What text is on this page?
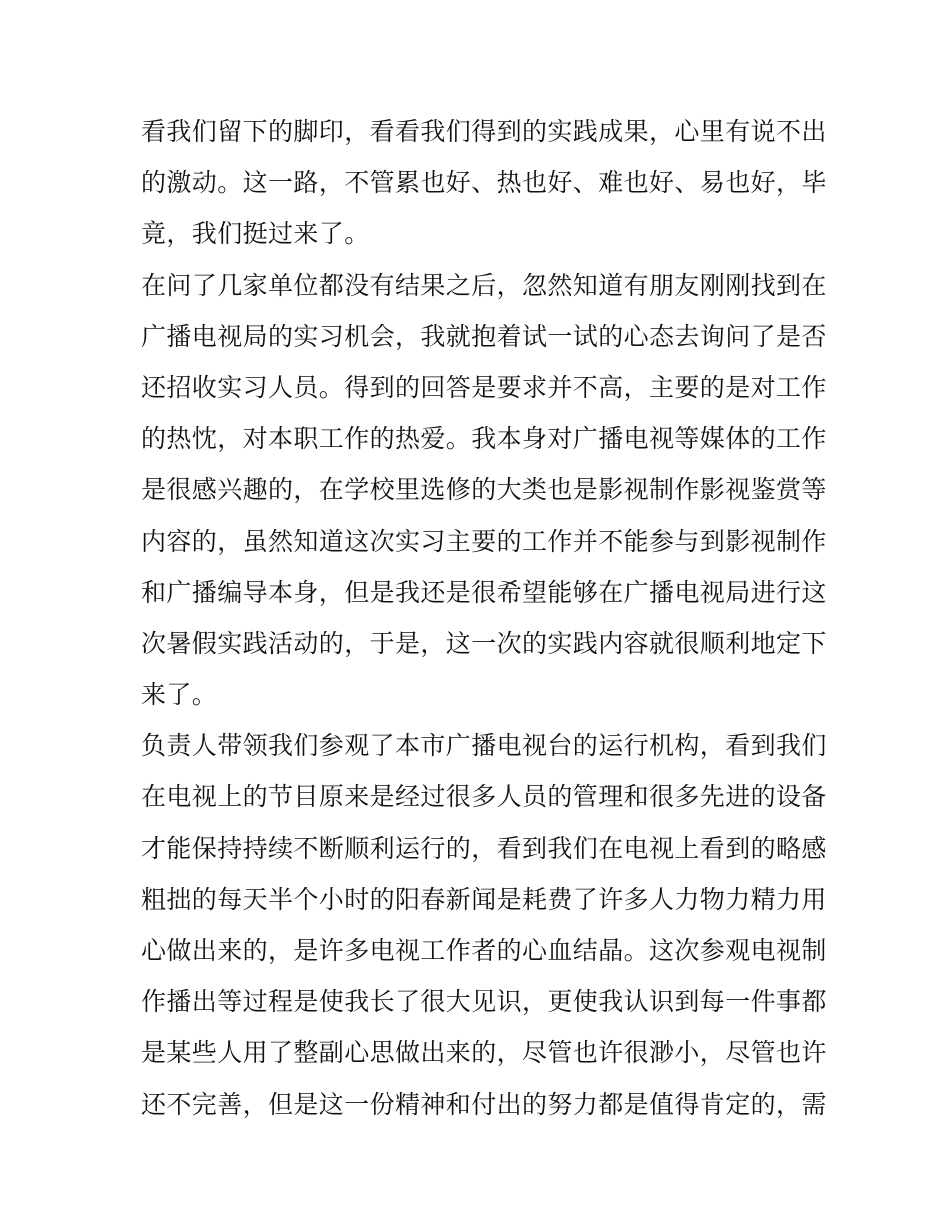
看我们留下的脚印，看看我们得到的实践成果，心里有说不出
的激动。这一路，不管累也好、热也好、难也好、易也好，毕
竟，我们挺过来了。
在问了几家单位都没有结果之后，忽然知道有朋友刚刚找到在
广播电视局的实习机会，我就抱着试一试的心态去询问了是否
还招收实习人员。得到的回答是要求并不高，主要的是对工作
的热忱，对本职工作的热爱。我本身对广播电视等媒体的工作
是很感兴趣的，在学校里选修的大类也是影视制作影视鉴赏等
内容的，虽然知道这次实习主要的工作并不能参与到影视制作
和广播编导本身，但是我还是很希望能够在广播电视局进行这
次暑假实践活动的，于是，这一次的实践内容就很顺利地定下
来了。
负责人带领我们参观了本市广播电视台的运行机构，看到我们
在电视上的节目原来是经过很多人员的管理和很多先进的设备
才能保持持续不断顺利运行的，看到我们在电视上看到的略感
粗拙的每天半个小时的阳春新闻是耗费了许多人力物力精力用
心做出来的，是许多电视工作者的心血结晶。这次参观电视制
作播出等过程是使我长了很大见识，更使我认识到每一件事都
是某些人用了整副心思做出来的，尽管也许很渺小，尽管也许
还不完善，但是这一份精神和付出的努力都是值得肯定的，需
